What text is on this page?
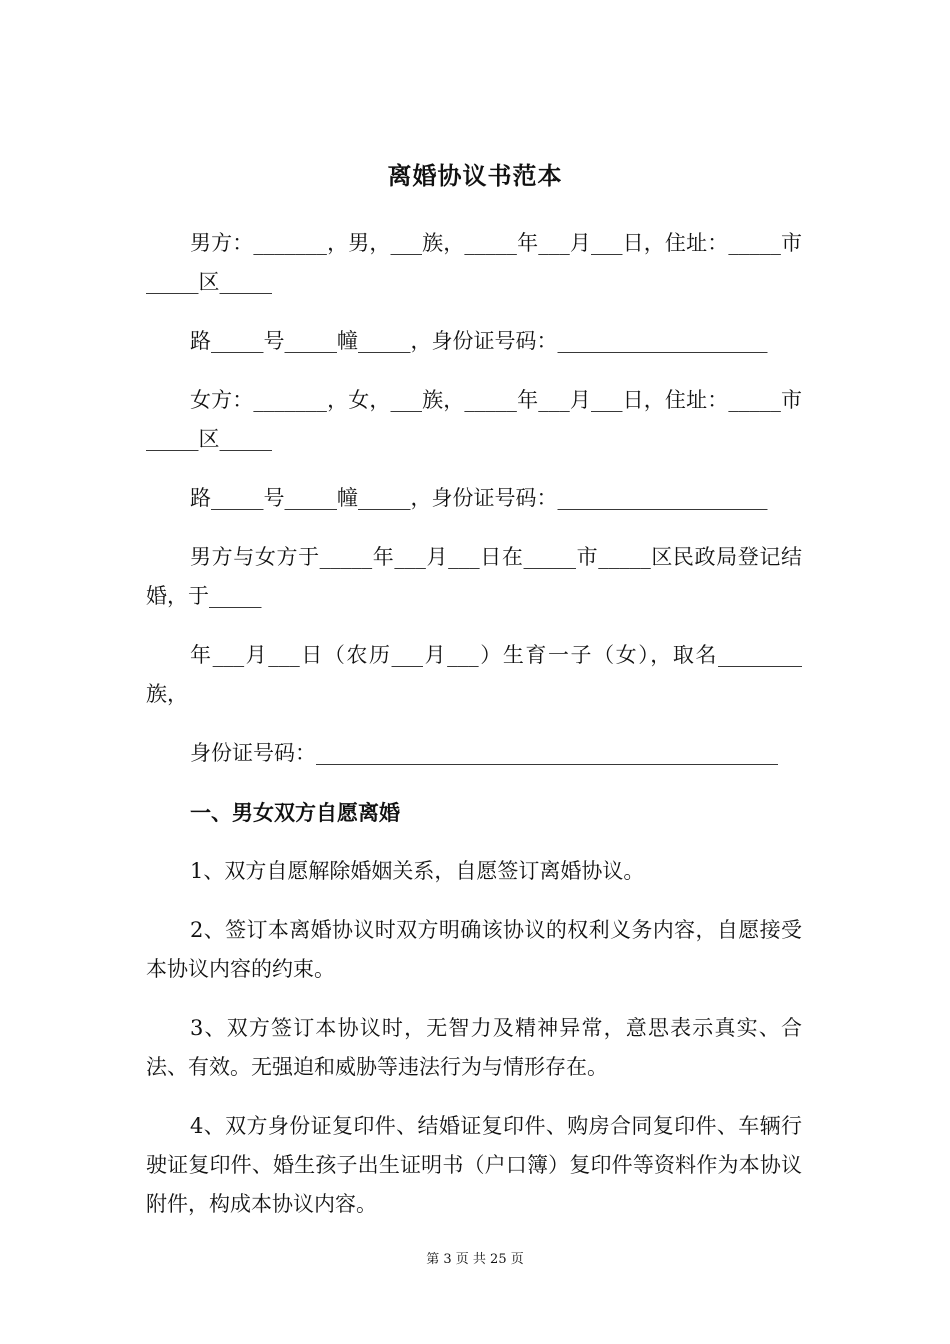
离婚协议书范本

男方：_______，男，___族，_____年___月___日，住址：_____市_____区_____

路_____号_____幢_____，身份证号码：____________________

女方：_______，女，___族，_____年___月___日，住址：_____市_____区_____

路_____号_____幢_____，身份证号码：____________________

男方与女方于_____年___月___日在_____市_____区民政局登记结婚，于_____

年___月___日（农历___月___）生育一子（女），取名________族，

身份证号码：____________________________________________

一、男女双方自愿离婚

1、双方自愿解除婚姻关系，自愿签订离婚协议。

2、签订本离婚协议时双方明确该协议的权利义务内容，自愿接受本协议内容的约束。

3、双方签订本协议时，无智力及精神异常，意思表示真实、合法、有效。无强迫和威胁等违法行为与情形存在。

4、双方身份证复印件、结婚证复印件、购房合同复印件、车辆行驶证复印件、婚生孩子出生证明书（户口簿）复印件等资料作为本协议附件，构成本协议内容。

第 3 页 共 25 页
